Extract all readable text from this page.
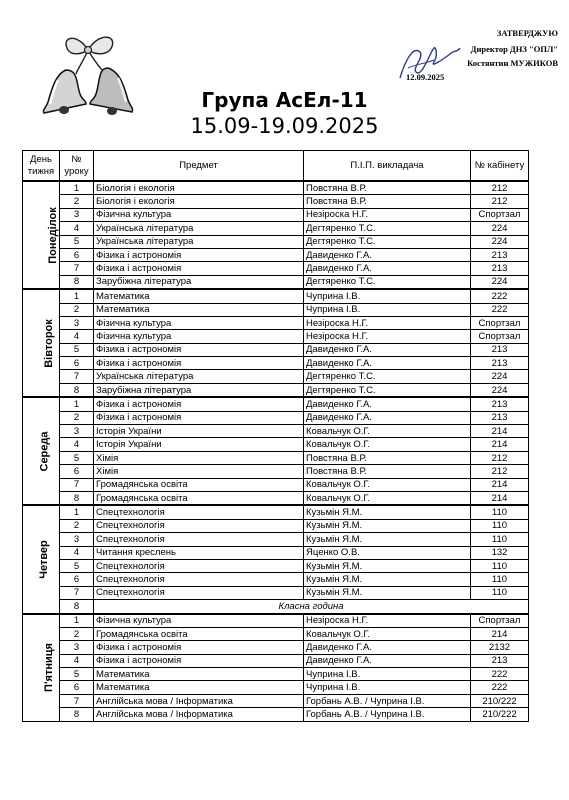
ЗАТВЕРДЖУЮ
Директор ДНЗ "ОПЛ"
Костянтин МУЖИКОВ
12.09.2025
Група АсЕл-11
15.09-19.09.2025
День тижня	№ уроку	Предмет	П.І.П. викладача	№ кабінету
Понеділок	1	Біологія і екологія	Повстяна В.Р.	212
	2	Біологія і екологія	Повстяна В.Р.	212
	3	Фізична культура	Незіроска Н.Г.	Спортзал
	4	Українська література	Дегтяренко Т.С.	224
	5	Українська література	Дегтяренко Т.С.	224
	6	Фізика і астрономія	Давиденко Г.А.	213
	7	Фізика і астрономія	Давиденко Г.А.	213
	8	Зарубіжна література	Дегтяренко Т.С.	224
Вівторок	1	Математика	Чуприна І.В.	222
	2	Математика	Чуприна І.В.	222
	3	Фізична культура	Незіроска Н.Г.	Спортзал
	4	Фізична культура	Незіроска Н.Г.	Спортзал
	5	Фізика і астрономія	Давиденко Г.А.	213
	6	Фізика і астрономія	Давиденко Г.А.	213
	7	Українська література	Дегтяренко Т.С.	224
	8	Зарубіжна література	Дегтяренко Т.С.	224
Середа	1	Фізика і астрономія	Давиденко Г.А.	213
	2	Фізика і астрономія	Давиденко Г.А.	213
	3	Історія України	Ковальчук О.Г.	214
	4	Історія України	Ковальчук О.Г.	214
	5	Хімія	Повстяна В.Р.	212
	6	Хімія	Повстяна В.Р.	212
	7	Громадянська освіта	Ковальчук О.Г.	214
	8	Громадянська освіта	Ковальчук О.Г.	214
Четвер	1	Спецтехнологія	Кузьмін Я.М.	110
	2	Спецтехнологія	Кузьмін Я.М.	110
	3	Спецтехнологія	Кузьмін Я.М.	110
	4	Читання креслень	Яценко О.В.	132
	5	Спецтехнологія	Кузьмін Я.М.	110
	6	Спецтехнологія	Кузьмін Я.М.	110
	7	Спецтехнологія	Кузьмін Я.М.	110
	8	Класна година		
П'ятниця	1	Фізична культура	Незіроска Н.Г.	Спортзал
	2	Громадянська освіта	Ковальчук О.Г.	214
	3	Фізика і астрономія	Давиденко Г.А.	2132
	4	Фізика і астрономія	Давиденко Г.А.	213
	5	Математика	Чуприна І.В.	222
	6	Математика	Чуприна І.В.	222
	7	Англійська мова / Інформатика	Горбань А.В. / Чуприна І.В.	210/222
	8	Англійська мова / Інформатика	Горбань А.В. / Чуприна І.В.	210/222
